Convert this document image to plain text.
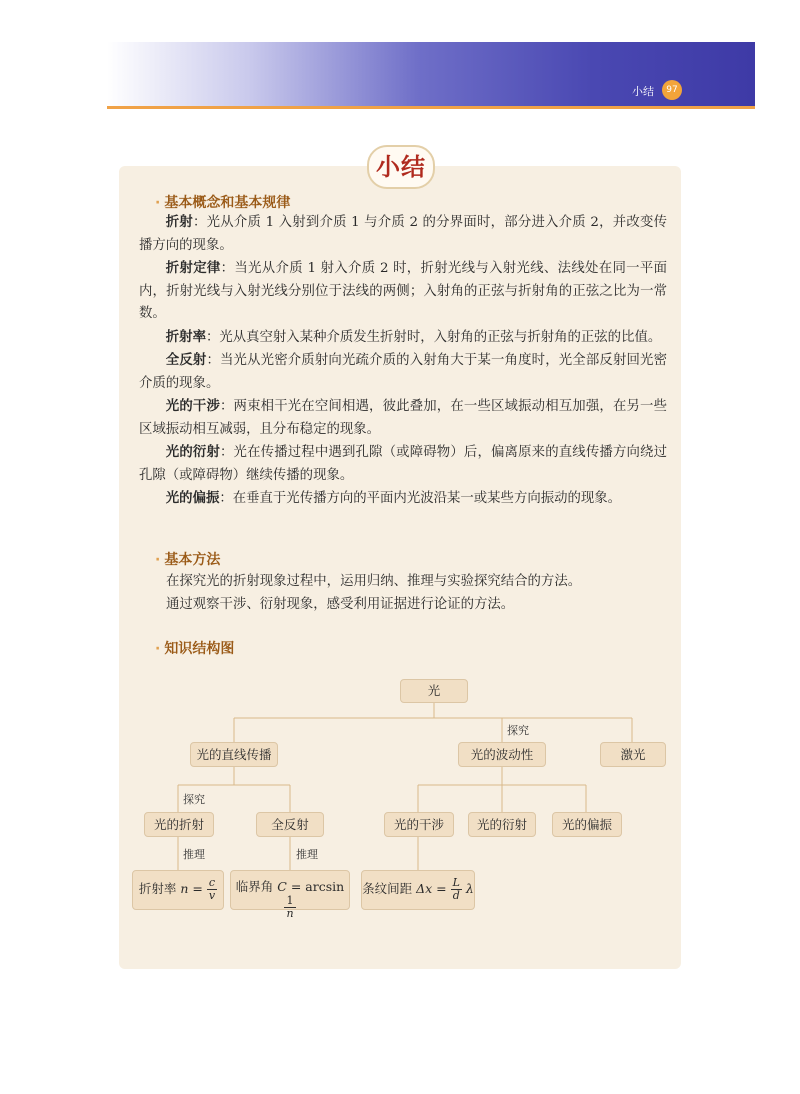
小结	97
小结
· 基本概念和基本规律

折射：光从介质 1 入射到介质 1 与介质 2 的分界面时，部分进入介质 2，并改变传播方向的现象。

折射定律：当光从介质 1 射入介质 2 时，折射光线与入射光线、法线处在同一平面内，折射光线与入射光线分别位于法线的两侧；入射角的正弦与折射角的正弦之比为一常数。

折射率：光从真空射入某种介质发生折射时，入射角的正弦与折射角的正弦的比值。

全反射：当光从光密介质射向光疏介质的入射角大于某一角度时，光全部反射回光密介质的现象。

光的干涉：两束相干光在空间相遇，彼此叠加，在一些区域振动相互加强，在另一些区域振动相互减弱，且分布稳定的现象。

光的衍射：光在传播过程中遇到孔隙（或障碍物）后，偏离原来的直线传播方向绕过孔隙（或障碍物）继续传播的现象。

光的偏振：在垂直于光传播方向的平面内光波沿某一或某些方向振动的现象。

· 基本方法

在探究光的折射现象过程中，运用归纳、推理与实验探究结合的方法。

通过观察干涉、衍射现象，感受利用证据进行论证的方法。

· 知识结构图
光
光的直线传播	光的波动性	激光
光的折射	全反射	光的干涉	光的衍射	光的偏振
折射率 $n = \frac{c}{v}$	临界角 C = arcsin
$\frac{1}{n}$
条纹间距 $\Delta x = \frac{L}{d}$ λ
探究
探究
推理	推理
